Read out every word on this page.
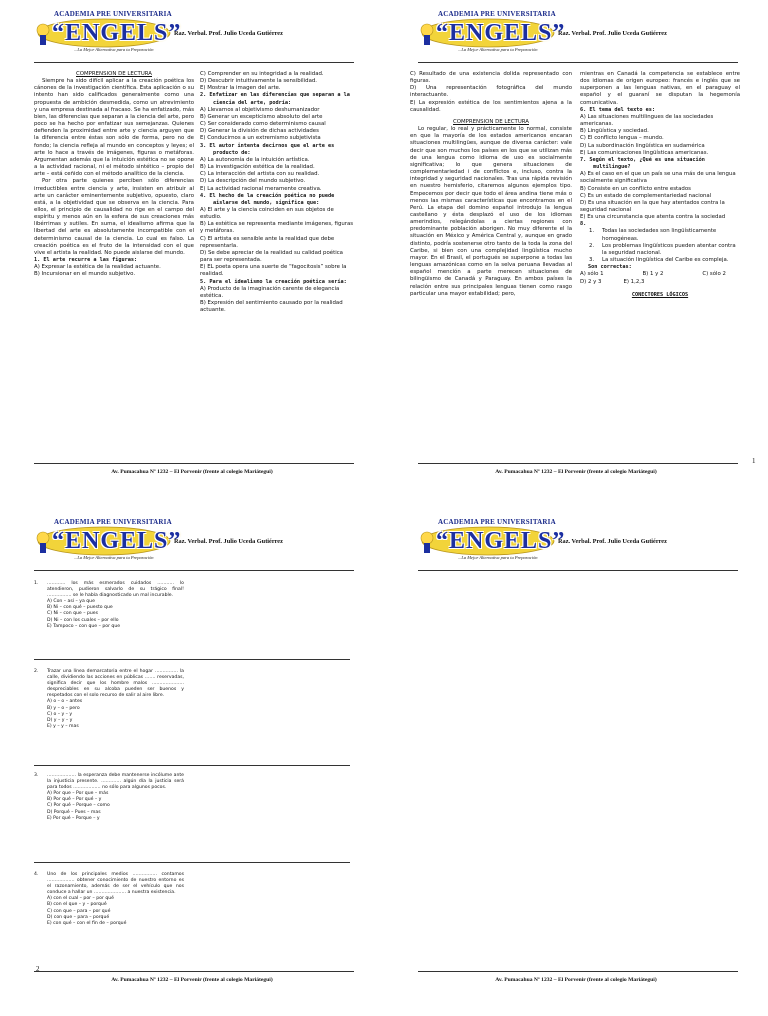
ACADEMIA PRE UNIVERSITARIA
“ENGELS”
...La Mejor Alternativa para tu Preparación
Raz. Verbal. Prof. Julio Uceda Gutiérrez

COMPRENSION DE LECTURA

Siempre ha sido difícil aplicar a la creación poética los cánones de la investigación científica. Esta aplicación o su intento han sido calificados generalmente como una propuesta de ambición desmedida, como un atrevimiento y una empresa destinada al fracaso. Se ha enfatizado, más bien, las diferencias que separan a la ciencia del arte, pero poco se ha hecho por enfatizar sus semejanzas. Quienes defienden la proximidad entre arte y ciencia arguyen que la diferencia entre éstas son sólo de forma, pero no de fondo; la ciencia refleja al mundo en conceptos y leyes; el arte lo hace a través de imágenes, figuras o metáforas. Argumentan además que la intuición estética no se opone a la actividad racional, ni el método sintético – propio del arte – está ceñido con el método analítico de la ciencia.

Por otra parte quienes perciben sólo diferencias irreductibles entre ciencia y arte, insisten en atribuir al arte un carácter eminentemente subjetivo, opuesto, claro está, a la objetividad que se observa en la ciencia. Para ellos, el principio de causalidad no rige en el campo del espíritu y menos aún en la esfera de sus creaciones más libérrimas y sutiles. En suma, el idealismo afirma que la libertad del arte es absolutamente incompatible con el determinismo causal de la ciencia. Lo cual es falso. La creación poética es el fruto de la intensidad con el que vive el artista la realidad. No puede aislarse del mundo.

1. El arte recurre a las figuras:

A) Expresar la estética de la realidad actuante.

B) Incursionar en el mundo subjetivo.

C) Comprender en su integridad a la realidad.

D) Descubrir intuitivamente la sensibilidad.

E) Mostrar la imagen del arte.

2. Enfatizar en las diferencias que separan a la ciencia del arte, podría:

A) Llevarnos al objetivismo deshumanizador

B) Generar un escepticismo absoluto del arte

C) Ser considerado como determinismo causal

D) Generar la división de dichas actividades

E) Conducirnos a un extremismo subjetivista

3. El autor intenta decirnos que el arte es producto de:

A) La autonomía de la intuición artística.

B) La investigación estética de la realidad.

C) La interacción del artista con su realidad.

D) La descripción del mundo subjetivo.

E) La actividad racional meramente creativa.

4. El hecho de la creación poética no puede aislarse del mundo, significa que:

A) El arte y la ciencia coinciden en sus objetos de estudio.

B) La estética se representa mediante imágenes, figuras y metáforas.

C) El artista es sensible ante la realidad que debe representarla.

D) Se debe apreciar de la realidad su calidad poética para ser representada.

E) EL poeta opera una suerte de “fagocitosis” sobre la realidad.

5. Para el idealismo la creación poética sería:

A) Producto de la imaginación carente de elegancia estética.

B) Expresión del sentimiento causado por la realidad actuante.

Av. Pumacahua Nº 1232 – El Porvenir (frente al colegio Mariátegui)
ACADEMIA PRE UNIVERSITARIA
“ENGELS”
...La Mejor Alternativa para tu Preparación
Raz. Verbal. Prof. Julio Uceda Gutiérrez

C) Resultado de una existencia dolida representado con figuras.

D) Una representación fotográfica del mundo interactuante.

E) La expresión estética de los sentimientos ajena a la causalidad.

COMPRENSION DE LECTURA

Lo regular, lo real y prácticamente lo normal, consiste en que la mayoría de los estados americanos encaran situaciones multilingües, aunque de diversa carácter: vale decir que son muchos los países en los que se utilizan más de una lengua como idioma de uso es socialmente significativa; lo que genera situaciones de complementariedad i de conflictos e, incluso, contra la integridad y seguridad nacionales. Tras una rápida revisión en nuestro hemisferio, citaremos algunos ejemplos tipo. Empecemos por decir que todo el área andina tiene más o menos las mismas características que encontramos en el Perú. La etapa del domino español introdujo la lengua castellano y ésta desplazó el uso de los idiomas amerindios, relegándolas a ciertas regiones con predominante población aborigen. No muy diferente el la situación en México y América Central y, aunque en grado distinto, podría sostenerse otro tanto de la toda la zona del Caribe, si bien con una complejidad lingüística mucho mayor. En el Brasil, el portugués se superpone a todas las lenguas amazónicas como en la selva peruana llevadas al español mención a parte merecen situaciones de bilingüismo de Canadá y Paraguay. En ambos países la relación entre sus principales lenguas tienen como rasgo particular una mayor estabilidad; pero,

mientras en Canadá la competencia se establece entre dos idiomas de origen europeo: francés e inglés que se superponen a las lenguas nativas, en el paraguay el español y el guaraní se disputan la hegemonía comunicativa.

6. El tema del texto es:

A) Las situaciones multilingues de las sociedades americanas.

B) Lingüística y sociedad.

C) El conflicto lengua – mundo.

D) La subordinación lingüística en sudamérica

E) Las comunicaciones lingüísticas americanas.

7. Según el texto, ¿Qué es una situación multilingue?

A) Es el caso en el que un país se una más de una lengua socialmente significativa

B) Consiste en un conflicto entre estados

C) Es un estado de complementariedad nacional

D) Es una situación en la que hay atentados contra la seguridad nacional

E) Es una circunstancia que atenta contra la sociedad

8.

1. Todas las sociedades son lingüísticamente homogéneas.

2. Los problemas lingüísticos pueden atentar contra la seguridad nacional.

3. La situación lingüística del Caribe es compleja.

Son correctas:

A) sólo 1	B) 1 y 2	C) sólo 2

D) 2 y 3	E) 1,2,3

CONECTORES LÓGICOS

1
Av. Pumacahua Nº 1232 – El Porvenir (frente al colegio Mariátegui)
ACADEMIA PRE UNIVERSITARIA
“ENGELS”
...La Mejor Alternativa para tu Preparación
Raz. Verbal. Prof. Julio Uceda Gutiérrez
1. ………… los más esmerados cuidados ……….. lo atendieron, pudieron salvarlo de su trágico final! ……………. se le había diagnosticado un mal incurable.
A) Con – así – ya que
B) Ni – con qué – puesto que
C) Ni – con que – pues
D) Ni – con los cuales – por ello
E) Tampoco – con que – por que
2. Trazar una línea demarcatoria entre el hogar …………… la calle, dividiendo las acciones en públicas ……. reservadas, significa decir que los hombre malos ………………… despreciables en su alcoba pueden ser buenos y respetados con el solo recurso de salir al aire libre.
A) o – o – antes
B) y – o – pero
C) o – y – y
D) y – y – y
E) y – y – mas
3. ………………. la esperanza debe mantenerse incólume ante la injusticia presente. …………. algún día la justicia será para todos ……………… no sólo para algunos pocos.
A) Por que – Por que – más
B) Por qué – Por qué – y
C) Por qué – Porque – como
D) Porqué – Pues – mas
E) Por qué – Porque – y
4. Uno de los principales medios ……………. contamos ……………… obtener conocimiento de nuestro entorno es el razonamiento, además de ser el vehículo que nos conduce a hallar un ………………… a nuestra existencia.
A) con el cual – por – por qué
B) con el que – y – porqué
C) con que – para – por qué
D) con que – para – porqué
E) con qué – con el fin de – porqué
2
Av. Pumacahua Nº 1232 – El Porvenir (frente al colegio Mariátegui)
ACADEMIA PRE UNIVERSITARIA
“ENGELS”
...La Mejor Alternativa para tu Preparación
Raz. Verbal. Prof. Julio Uceda Gutiérrez
Av. Pumacahua Nº 1232 – El Porvenir (frente al colegio Mariátegui)
